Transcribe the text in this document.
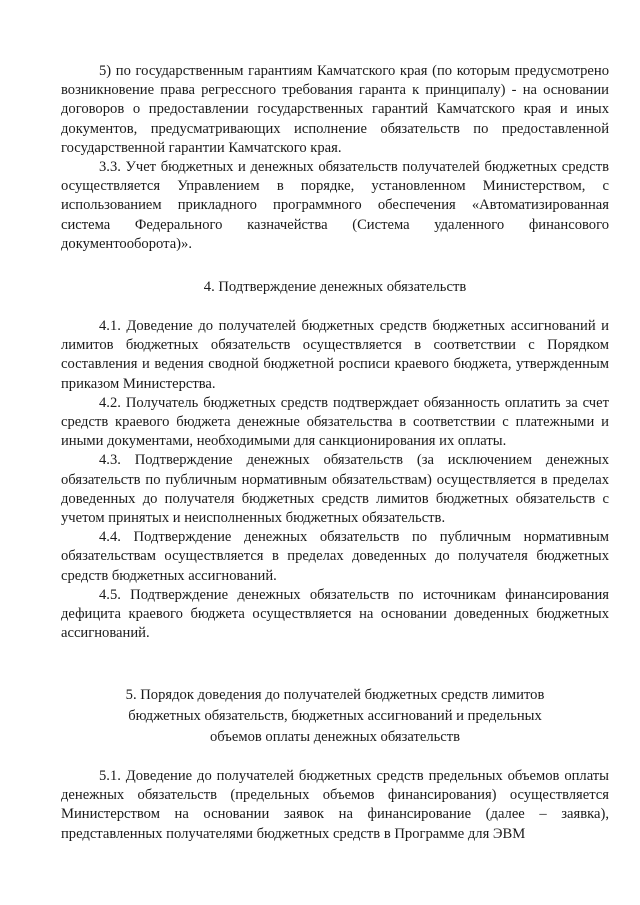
5) по государственным гарантиям Камчатского края (по которым предусмотрено возникновение права регрессного требования гаранта к принципалу) - на основании договоров о предоставлении государственных гарантий Камчатского края и иных документов, предусматривающих исполнение обязательств по предоставленной государственной гарантии Камчатского края.

3.3. Учет бюджетных и денежных обязательств получателей бюджетных средств осуществляется Управлением в порядке, установленном Министерством, с использованием прикладного программного обеспечения «Автоматизированная система Федерального казначейства (Система удаленного финансового документооборота)».

4. Подтверждение денежных обязательств

4.1. Доведение до получателей бюджетных средств бюджетных ассигнований и лимитов бюджетных обязательств осуществляется в соответствии с Порядком составления и ведения сводной бюджетной росписи краевого бюджета, утвержденным приказом Министерства.

4.2. Получатель бюджетных средств подтверждает обязанность оплатить за счет средств краевого бюджета денежные обязательства в соответствии с платежными и иными документами, необходимыми для санкционирования их оплаты.

4.3. Подтверждение денежных обязательств (за исключением денежных обязательств по публичным нормативным обязательствам) осуществляется в пределах доведенных до получателя бюджетных средств лимитов бюджетных обязательств с учетом принятых и неисполненных бюджетных обязательств.

4.4. Подтверждение денежных обязательств по публичным нормативным обязательствам осуществляется в пределах доведенных до получателя бюджетных средств бюджетных ассигнований.

4.5. Подтверждение денежных обязательств по источникам финансирования дефицита краевого бюджета осуществляется на основании доведенных бюджетных ассигнований.

5. Порядок доведения до получателей бюджетных средств лимитов
бюджетных обязательств, бюджетных ассигнований и предельных
объемов оплаты денежных обязательств

5.1. Доведение до получателей бюджетных средств предельных объемов оплаты денежных обязательств (предельных объемов финансирования) осуществляется Министерством на основании заявок на финансирование (далее – заявка), представленных получателями бюджетных средств в Программе для ЭВМ
